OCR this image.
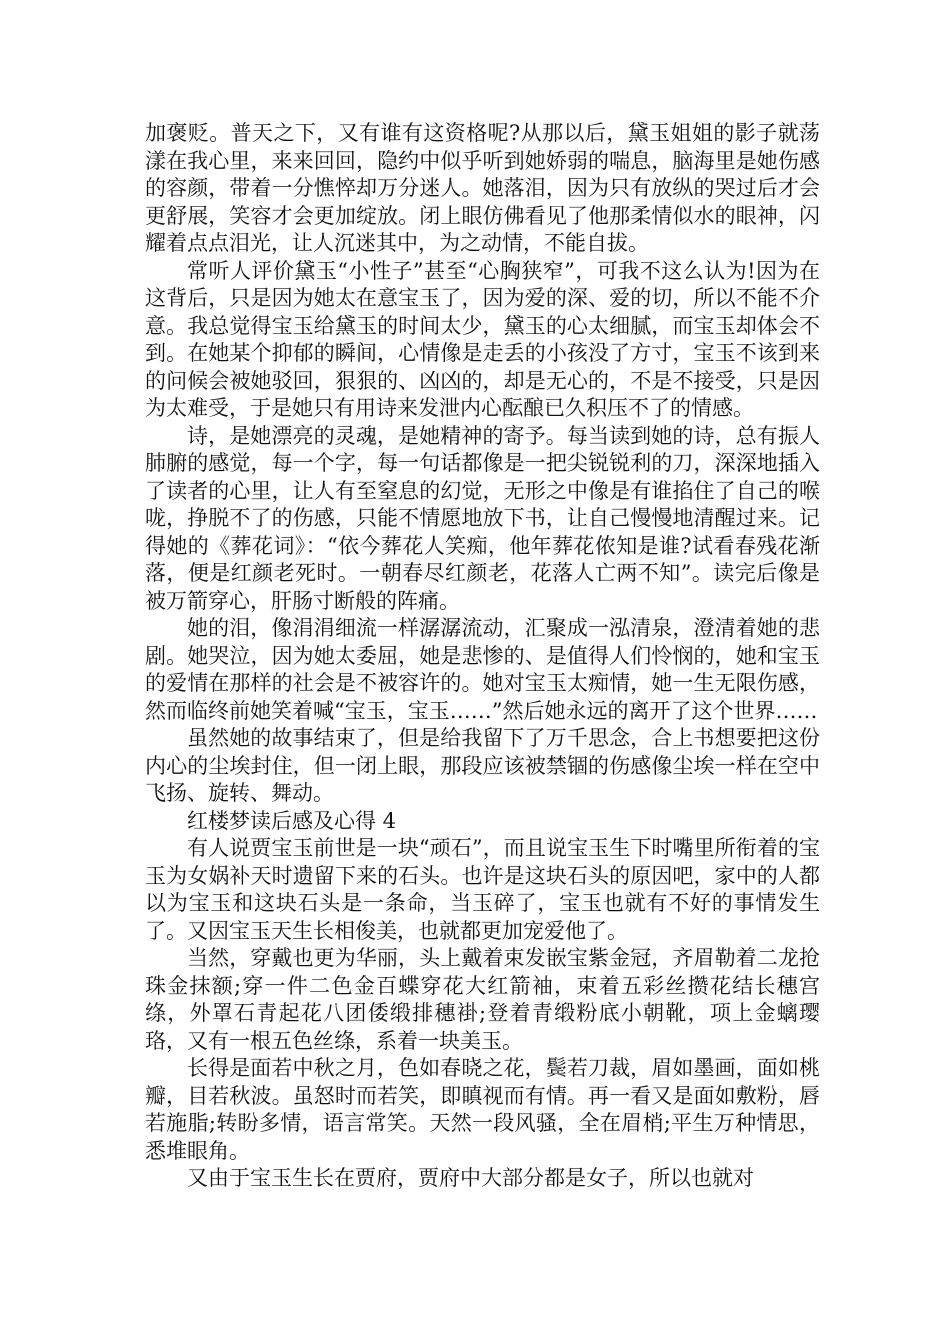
加褒贬。普天之下，又有谁有这资格呢?从那以后，黛玉姐姐的影子就荡漾在我心里，来来回回，隐约中似乎听到她娇弱的喘息，脑海里是她伤感的容颜，带着一分憔悴却万分迷人。她落泪，因为只有放纵的哭过后才会更舒展，笑容才会更加绽放。闭上眼仿佛看见了他那柔情似水的眼神，闪耀着点点泪光，让人沉迷其中，为之动情，不能自拔。

常听人评价黛玉“小性子”甚至“心胸狭窄”，可我不这么认为!因为在这背后，只是因为她太在意宝玉了，因为爱的深、爱的切，所以不能不介意。我总觉得宝玉给黛玉的时间太少，黛玉的心太细腻，而宝玉却体会不到。在她某个抑郁的瞬间，心情像是走丢的小孩没了方寸，宝玉不该到来的问候会被她驳回，狠狠的、凶凶的，却是无心的，不是不接受，只是因为太难受，于是她只有用诗来发泄内心酝酿已久积压不了的情感。

诗，是她漂亮的灵魂，是她精神的寄予。每当读到她的诗，总有振人肺腑的感觉，每一个字，每一句话都像是一把尖锐锐利的刀，深深地插入了读者的心里，让人有至窒息的幻觉，无形之中像是有谁掐住了自己的喉咙，挣脱不了的伤感，只能不情愿地放下书，让自己慢慢地清醒过来。记得她的《葬花词》：“依今葬花人笑痴，他年葬花侬知是谁?试看春残花渐落，便是红颜老死时。一朝春尽红颜老，花落人亡两不知”。读完后像是被万箭穿心，肝肠寸断般的阵痛。

她的泪，像涓涓细流一样潺潺流动，汇聚成一泓清泉，澄清着她的悲剧。她哭泣，因为她太委屈，她是悲惨的、是值得人们怜悯的，她和宝玉的爱情在那样的社会是不被容许的。她对宝玉太痴情，她一生无限伤感，然而临终前她笑着喊“宝玉，宝玉……”然后她永远的离开了这个世界……

虽然她的故事结束了，但是给我留下了万千思念，合上书想要把这份内心的尘埃封住，但一闭上眼，那段应该被禁锢的伤感像尘埃一样在空中飞扬、旋转、舞动。

红楼梦读后感及心得 4

有人说贾宝玉前世是一块“顽石”，而且说宝玉生下时嘴里所衔着的宝玉为女娲补天时遗留下来的石头。也许是这块石头的原因吧，家中的人都以为宝玉和这块石头是一条命，当玉碎了，宝玉也就有不好的事情发生了。又因宝玉天生长相俊美，也就都更加宠爱他了。

当然，穿戴也更为华丽，头上戴着束发嵌宝紫金冠，齐眉勒着二龙抢珠金抹额;穿一件二色金百蝶穿花大红箭袖，束着五彩丝攒花结长穗宫绦，外罩石青起花八团倭缎排穗褂;登着青缎粉底小朝靴，项上金螭璎珞，又有一根五色丝绦，系着一块美玉。

长得是面若中秋之月，色如春晓之花，鬓若刀裁，眉如墨画，面如桃瓣，目若秋波。虽怒时而若笑，即瞋视而有情。再一看又是面如敷粉，唇若施脂;转盼多情，语言常笑。天然一段风骚，全在眉梢;平生万种情思，悉堆眼角。

又由于宝玉生长在贾府，贾府中大部分都是女子，所以也就对
